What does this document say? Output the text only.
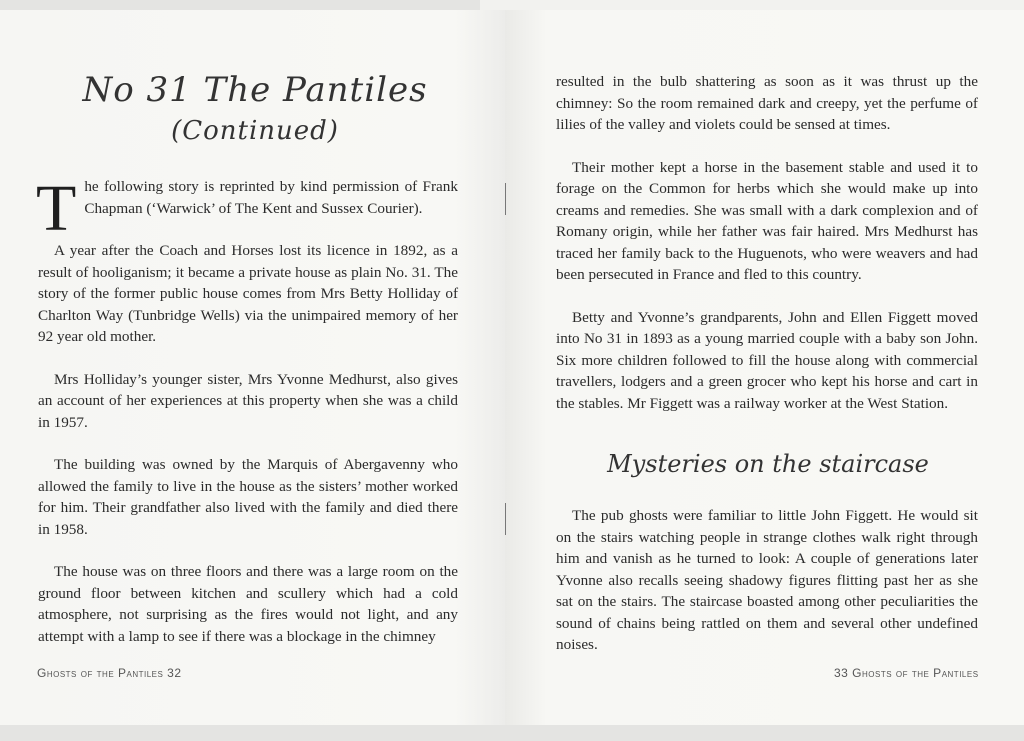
No 31 The Pantiles
(Continued)

The following story is reprinted by kind permission of Frank Chapman (‘Warwick’ of The Kent and Sussex Courier).

A year after the Coach and Horses lost its licence in 1892, as a result of hooliganism; it became a private house as plain No. 31. The story of the former public house comes from Mrs Betty Holliday of Charlton Way (Tunbridge Wells) via the unimpaired memory of her 92 year old mother.

Mrs Holliday’s younger sister, Mrs Yvonne Medhurst, also gives an account of her experiences at this property when she was a child in 1957.

The building was owned by the Marquis of Abergavenny who allowed the family to live in the house as the sisters’ mother worked for him. Their grandfather also lived with the family and died there in 1958.

The house was on three floors and there was a large room on the ground floor between kitchen and scullery which had a cold atmosphere, not surprising as the fires would not light, and any attempt with a lamp to see if there was a blockage in the chimney

resulted in the bulb shattering as soon as it was thrust up the chimney: So the room remained dark and creepy, yet the perfume of lilies of the valley and violets could be sensed at times.

Their mother kept a horse in the basement stable and used it to forage on the Common for herbs which she would make up into creams and remedies. She was small with a dark complexion and of Romany origin, while her father was fair haired. Mrs Medhurst has traced her family back to the Huguenots, who were weavers and had been persecuted in France and fled to this country.

Betty and Yvonne’s grandparents, John and Ellen Figgett moved into No 31 in 1893 as a young married couple with a baby son John. Six more children followed to fill the house along with commercial travellers, lodgers and a green grocer who kept his horse and cart in the stables. Mr Figgett was a railway worker at the West Station.

Mysteries on the staircase

The pub ghosts were familiar to little John Figgett. He would sit on the stairs watching people in strange clothes walk right through him and vanish as he turned to look: A couple of generations later Yvonne also recalls seeing shadowy figures flitting past her as she sat on the stairs. The staircase boasted among other peculiarities the sound of chains being rattled on them and several other undefined noises.

Ghosts of the Pantiles 32	33 Ghosts of the Pantiles
